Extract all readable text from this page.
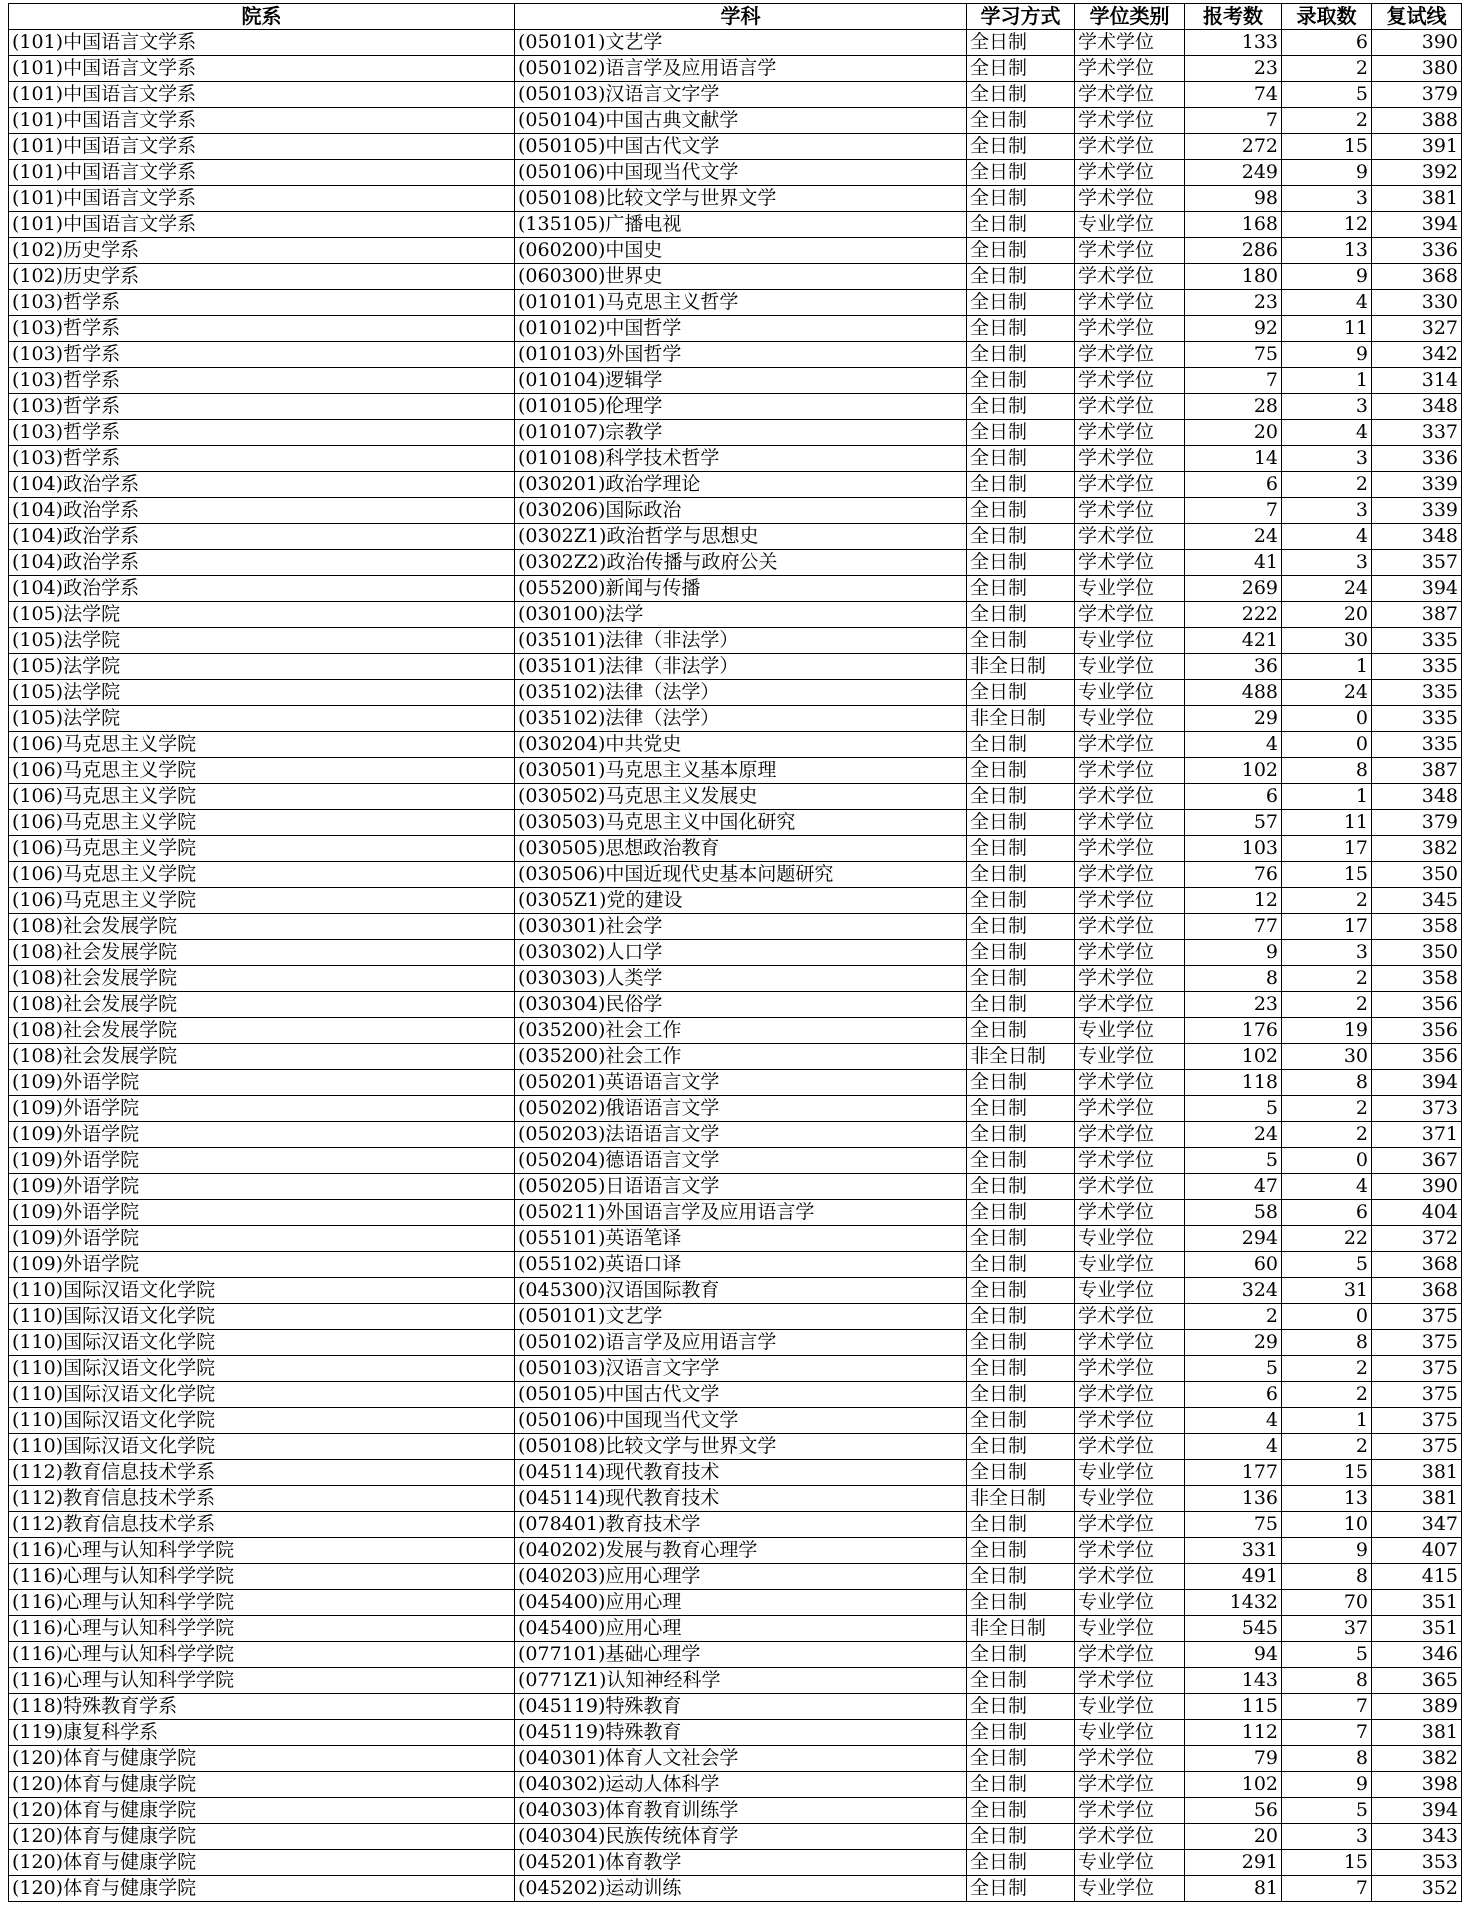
院系	学科	学习方式	学位类别	报考数	录取数	复试线
(101)中国语言文学系	(050101)文艺学	全日制	学术学位	133	6	390
(101)中国语言文学系	(050102)语言学及应用语言学	全日制	学术学位	23	2	380
(101)中国语言文学系	(050103)汉语言文字学	全日制	学术学位	74	5	379
(101)中国语言文学系	(050104)中国古典文献学	全日制	学术学位	7	2	388
(101)中国语言文学系	(050105)中国古代文学	全日制	学术学位	272	15	391
(101)中国语言文学系	(050106)中国现当代文学	全日制	学术学位	249	9	392
(101)中国语言文学系	(050108)比较文学与世界文学	全日制	学术学位	98	3	381
(101)中国语言文学系	(135105)广播电视	全日制	专业学位	168	12	394
(102)历史学系	(060200)中国史	全日制	学术学位	286	13	336
(102)历史学系	(060300)世界史	全日制	学术学位	180	9	368
(103)哲学系	(010101)马克思主义哲学	全日制	学术学位	23	4	330
(103)哲学系	(010102)中国哲学	全日制	学术学位	92	11	327
(103)哲学系	(010103)外国哲学	全日制	学术学位	75	9	342
(103)哲学系	(010104)逻辑学	全日制	学术学位	7	1	314
(103)哲学系	(010105)伦理学	全日制	学术学位	28	3	348
(103)哲学系	(010107)宗教学	全日制	学术学位	20	4	337
(103)哲学系	(010108)科学技术哲学	全日制	学术学位	14	3	336
(104)政治学系	(030201)政治学理论	全日制	学术学位	6	2	339
(104)政治学系	(030206)国际政治	全日制	学术学位	7	3	339
(104)政治学系	(0302Z1)政治哲学与思想史	全日制	学术学位	24	4	348
(104)政治学系	(0302Z2)政治传播与政府公关	全日制	学术学位	41	3	357
(104)政治学系	(055200)新闻与传播	全日制	专业学位	269	24	394
(105)法学院	(030100)法学	全日制	学术学位	222	20	387
(105)法学院	(035101)法律（非法学）	全日制	专业学位	421	30	335
(105)法学院	(035101)法律（非法学）	非全日制	专业学位	36	1	335
(105)法学院	(035102)法律（法学）	全日制	专业学位	488	24	335
(105)法学院	(035102)法律（法学）	非全日制	专业学位	29	0	335
(106)马克思主义学院	(030204)中共党史	全日制	学术学位	4	0	335
(106)马克思主义学院	(030501)马克思主义基本原理	全日制	学术学位	102	8	387
(106)马克思主义学院	(030502)马克思主义发展史	全日制	学术学位	6	1	348
(106)马克思主义学院	(030503)马克思主义中国化研究	全日制	学术学位	57	11	379
(106)马克思主义学院	(030505)思想政治教育	全日制	学术学位	103	17	382
(106)马克思主义学院	(030506)中国近现代史基本问题研究	全日制	学术学位	76	15	350
(106)马克思主义学院	(0305Z1)党的建设	全日制	学术学位	12	2	345
(108)社会发展学院	(030301)社会学	全日制	学术学位	77	17	358
(108)社会发展学院	(030302)人口学	全日制	学术学位	9	3	350
(108)社会发展学院	(030303)人类学	全日制	学术学位	8	2	358
(108)社会发展学院	(030304)民俗学	全日制	学术学位	23	2	356
(108)社会发展学院	(035200)社会工作	全日制	专业学位	176	19	356
(108)社会发展学院	(035200)社会工作	非全日制	专业学位	102	30	356
(109)外语学院	(050201)英语语言文学	全日制	学术学位	118	8	394
(109)外语学院	(050202)俄语语言文学	全日制	学术学位	5	2	373
(109)外语学院	(050203)法语语言文学	全日制	学术学位	24	2	371
(109)外语学院	(050204)德语语言文学	全日制	学术学位	5	0	367
(109)外语学院	(050205)日语语言文学	全日制	学术学位	47	4	390
(109)外语学院	(050211)外国语言学及应用语言学	全日制	学术学位	58	6	404
(109)外语学院	(055101)英语笔译	全日制	专业学位	294	22	372
(109)外语学院	(055102)英语口译	全日制	专业学位	60	5	368
(110)国际汉语文化学院	(045300)汉语国际教育	全日制	专业学位	324	31	368
(110)国际汉语文化学院	(050101)文艺学	全日制	学术学位	2	0	375
(110)国际汉语文化学院	(050102)语言学及应用语言学	全日制	学术学位	29	8	375
(110)国际汉语文化学院	(050103)汉语言文字学	全日制	学术学位	5	2	375
(110)国际汉语文化学院	(050105)中国古代文学	全日制	学术学位	6	2	375
(110)国际汉语文化学院	(050106)中国现当代文学	全日制	学术学位	4	1	375
(110)国际汉语文化学院	(050108)比较文学与世界文学	全日制	学术学位	4	2	375
(112)教育信息技术学系	(045114)现代教育技术	全日制	专业学位	177	15	381
(112)教育信息技术学系	(045114)现代教育技术	非全日制	专业学位	136	13	381
(112)教育信息技术学系	(078401)教育技术学	全日制	学术学位	75	10	347
(116)心理与认知科学学院	(040202)发展与教育心理学	全日制	学术学位	331	9	407
(116)心理与认知科学学院	(040203)应用心理学	全日制	学术学位	491	8	415
(116)心理与认知科学学院	(045400)应用心理	全日制	专业学位	1432	70	351
(116)心理与认知科学学院	(045400)应用心理	非全日制	专业学位	545	37	351
(116)心理与认知科学学院	(077101)基础心理学	全日制	学术学位	94	5	346
(116)心理与认知科学学院	(0771Z1)认知神经科学	全日制	学术学位	143	8	365
(118)特殊教育学系	(045119)特殊教育	全日制	专业学位	115	7	389
(119)康复科学系	(045119)特殊教育	全日制	专业学位	112	7	381
(120)体育与健康学院	(040301)体育人文社会学	全日制	学术学位	79	8	382
(120)体育与健康学院	(040302)运动人体科学	全日制	学术学位	102	9	398
(120)体育与健康学院	(040303)体育教育训练学	全日制	学术学位	56	5	394
(120)体育与健康学院	(040304)民族传统体育学	全日制	学术学位	20	3	343
(120)体育与健康学院	(045201)体育教学	全日制	专业学位	291	15	353
(120)体育与健康学院	(045202)运动训练	全日制	专业学位	81	7	352
